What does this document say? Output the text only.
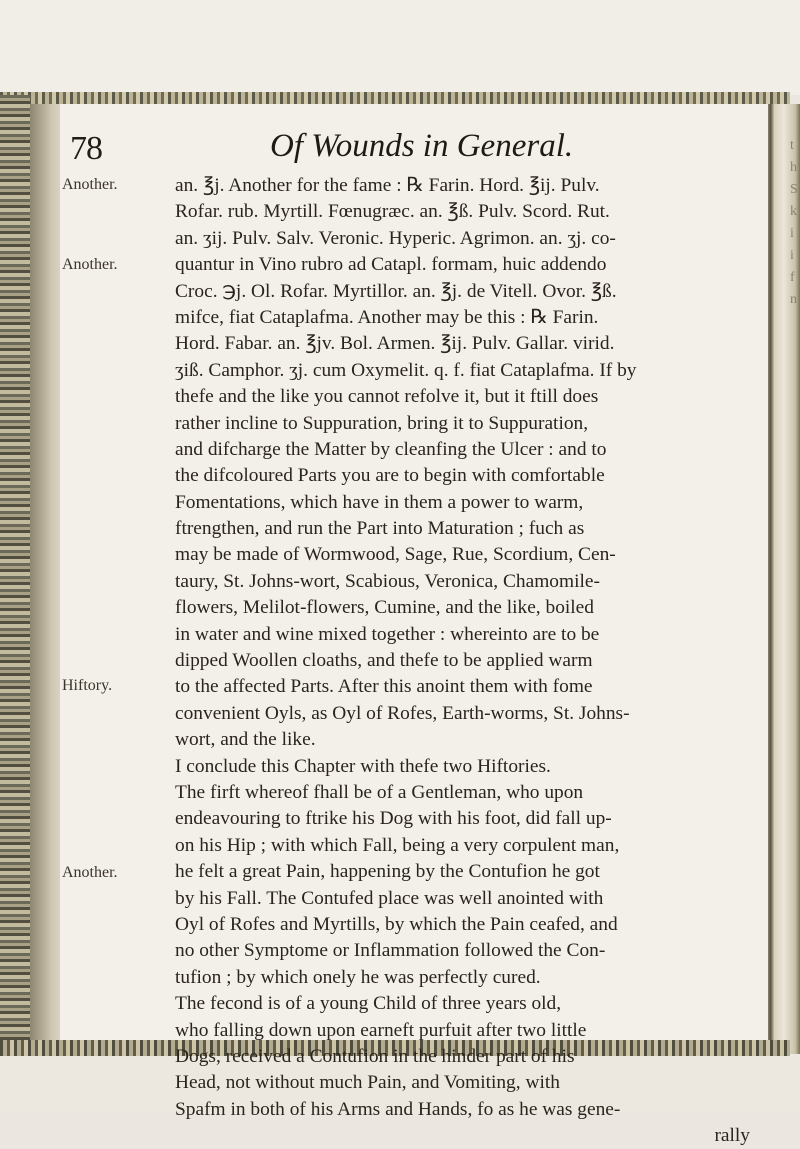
t
h
S
k
i
i
f
n
78	Of Wounds in General.
Another.
Another.
Hiftory.
Another.
an. ℥j. Another for the fame : ℞ Farin. Hord. ℥ij. Pulv.
Rofar. rub. Myrtill. Fœnugræc. an. ℥ß. Pulv. Scord. Rut.
an. ʒij. Pulv. Salv. Veronic. Hyperic. Agrimon. an. ʒj. co-
quantur in Vino rubro ad Catapl. formam, huic addendo
Croc. ℈j. Ol. Rofar. Myrtillor. an. ℥j. de Vitell. Ovor. ℥ß.
mifce, fiat Cataplafma. Another may be this : ℞ Farin.
Hord. Fabar. an. ℥jv. Bol. Armen. ℥ij. Pulv. Gallar. virid.
ʒiß. Camphor. ʒj. cum Oxymelit. q. f. fiat Cataplafma. If by
thefe and the like you cannot refolve it, but it ftill does
rather incline to Suppuration, bring it to Suppuration,
and difcharge the Matter by cleanfing the Ulcer : and to
the difcoloured Parts you are to begin with comfortable
Fomentations, which have in them a power to warm,
ftrengthen, and run the Part into Maturation ; fuch as
may be made of Wormwood, Sage, Rue, Scordium, Cen-
taury, St. Johns-wort, Scabious, Veronica, Chamomile-
flowers, Melilot-flowers, Cumine, and the like, boiled
in water and wine mixed together : whereinto are to be
dipped Woollen cloaths, and thefe to be applied warm
to the affected Parts. After this anoint them with fome
convenient Oyls, as Oyl of Rofes, Earth-worms, St. Johns-
wort, and the like.
I conclude this Chapter with thefe two Hiftories.
The firft whereof fhall be of a Gentleman, who upon
endeavouring to ftrike his Dog with his foot, did fall up-
on his Hip ; with which Fall, being a very corpulent man,
he felt a great Pain, happening by the Contufion he got
by his Fall. The Contufed place was well anointed with
Oyl of Rofes and Myrtills, by which the Pain ceafed, and
no other Symptome or Inflammation followed the Con-
tufion ; by which onely he was perfectly cured.
The fecond is of a young Child of three years old,
who falling down upon earneft purfuit after two little
Dogs, received a Contufion in the hinder part of his
Head, not without much Pain, and Vomiting, with
Spafm in both of his Arms and Hands, fo as he was gene-
rally
